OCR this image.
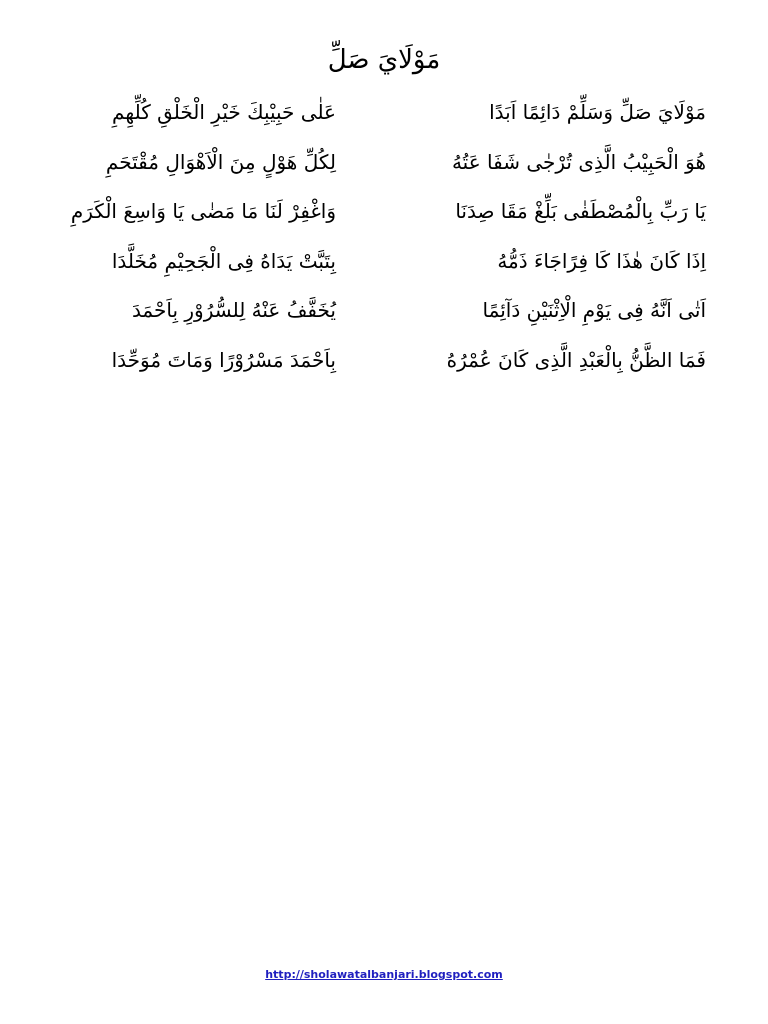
مَوْلَايَ صَلِّ
مَوْلَايَ صَلِّ وَسَلِّمْ دَائِمًا اَبَدًا
عَلٰى حَبِيْبِكَ خَيْرِ الْخَلْقِ كُلِّهِمِ
هُوَ الْحَبِيْبُ الَّذِى تُرْجٰى شَفَا عَتُهُ
لِكُلِّ هَوْلٍ مِنَ الْاَهْوَالِ مُقْتَحَمِ
يَا رَبِّ بِالْمُصْطَفٰى بَلِّغْ مَقَا صِدَنَا
وَاغْفِرْ لَنَا مَا مَضٰى يَا وَاسِعَ الْكَرَمِ
اِذَا كَانَ هٰذَا كَا فِرًاجَاءَ ذَمُّهُ
بِتَبَّتْ يَدَاهُ فِى الْجَحِيْمِ مُخَلَّدَا
اَتٰى اَنَّهُ فِى يَوْمِ الْاِثْنَيْنِ دَآئِمًا
يُخَفَّفُ عَنْهُ لِلسُّرُوْرِ بِاَحْمَدَ
فَمَا الظَّنُّ بِالْعَبْدِ الَّذِى كَانَ عُمْرُهُ
بِاَحْمَدَ مَسْرُوْرًا وَمَاتَ مُوَحِّدَا
http://sholawatalbanjari.blogspot.com
